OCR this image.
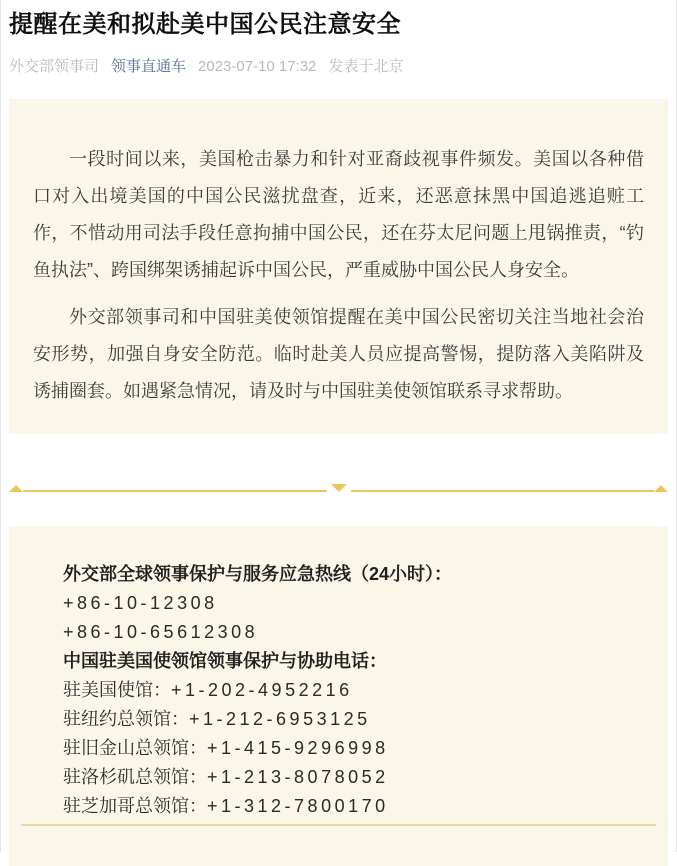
提醒在美和拟赴美中国公民注意安全
外交部领事司 领事直通车 2023-07-10 17:32 发表于北京

一段时间以来，美国枪击暴力和针对亚裔歧视事件频发。美国以各种借口对入出境美国的中国公民滋扰盘查，近来，还恶意抹黑中国追逃追赃工作，不惜动用司法手段任意拘捕中国公民，还在芬太尼问题上甩锅推责，“钓鱼执法”、跨国绑架诱捕起诉中国公民，严重威胁中国公民人身安全。

外交部领事司和中国驻美使领馆提醒在美中国公民密切关注当地社会治安形势，加强自身安全防范。临时赴美人员应提高警惕，提防落入美陷阱及诱捕圈套。如遇紧急情况，请及时与中国驻美使领馆联系寻求帮助。

外交部全球领事保护与服务应急热线（24小时）：
+86-10-12308
+86-10-65612308
中国驻美国使领馆领事保护与协助电话：
驻美国使馆：+1-202-4952216
驻纽约总领馆：+1-212-6953125
驻旧金山总领馆：+1-415-9296998
驻洛杉矶总领馆：+1-213-8078052
驻芝加哥总领馆：+1-312-7800170
